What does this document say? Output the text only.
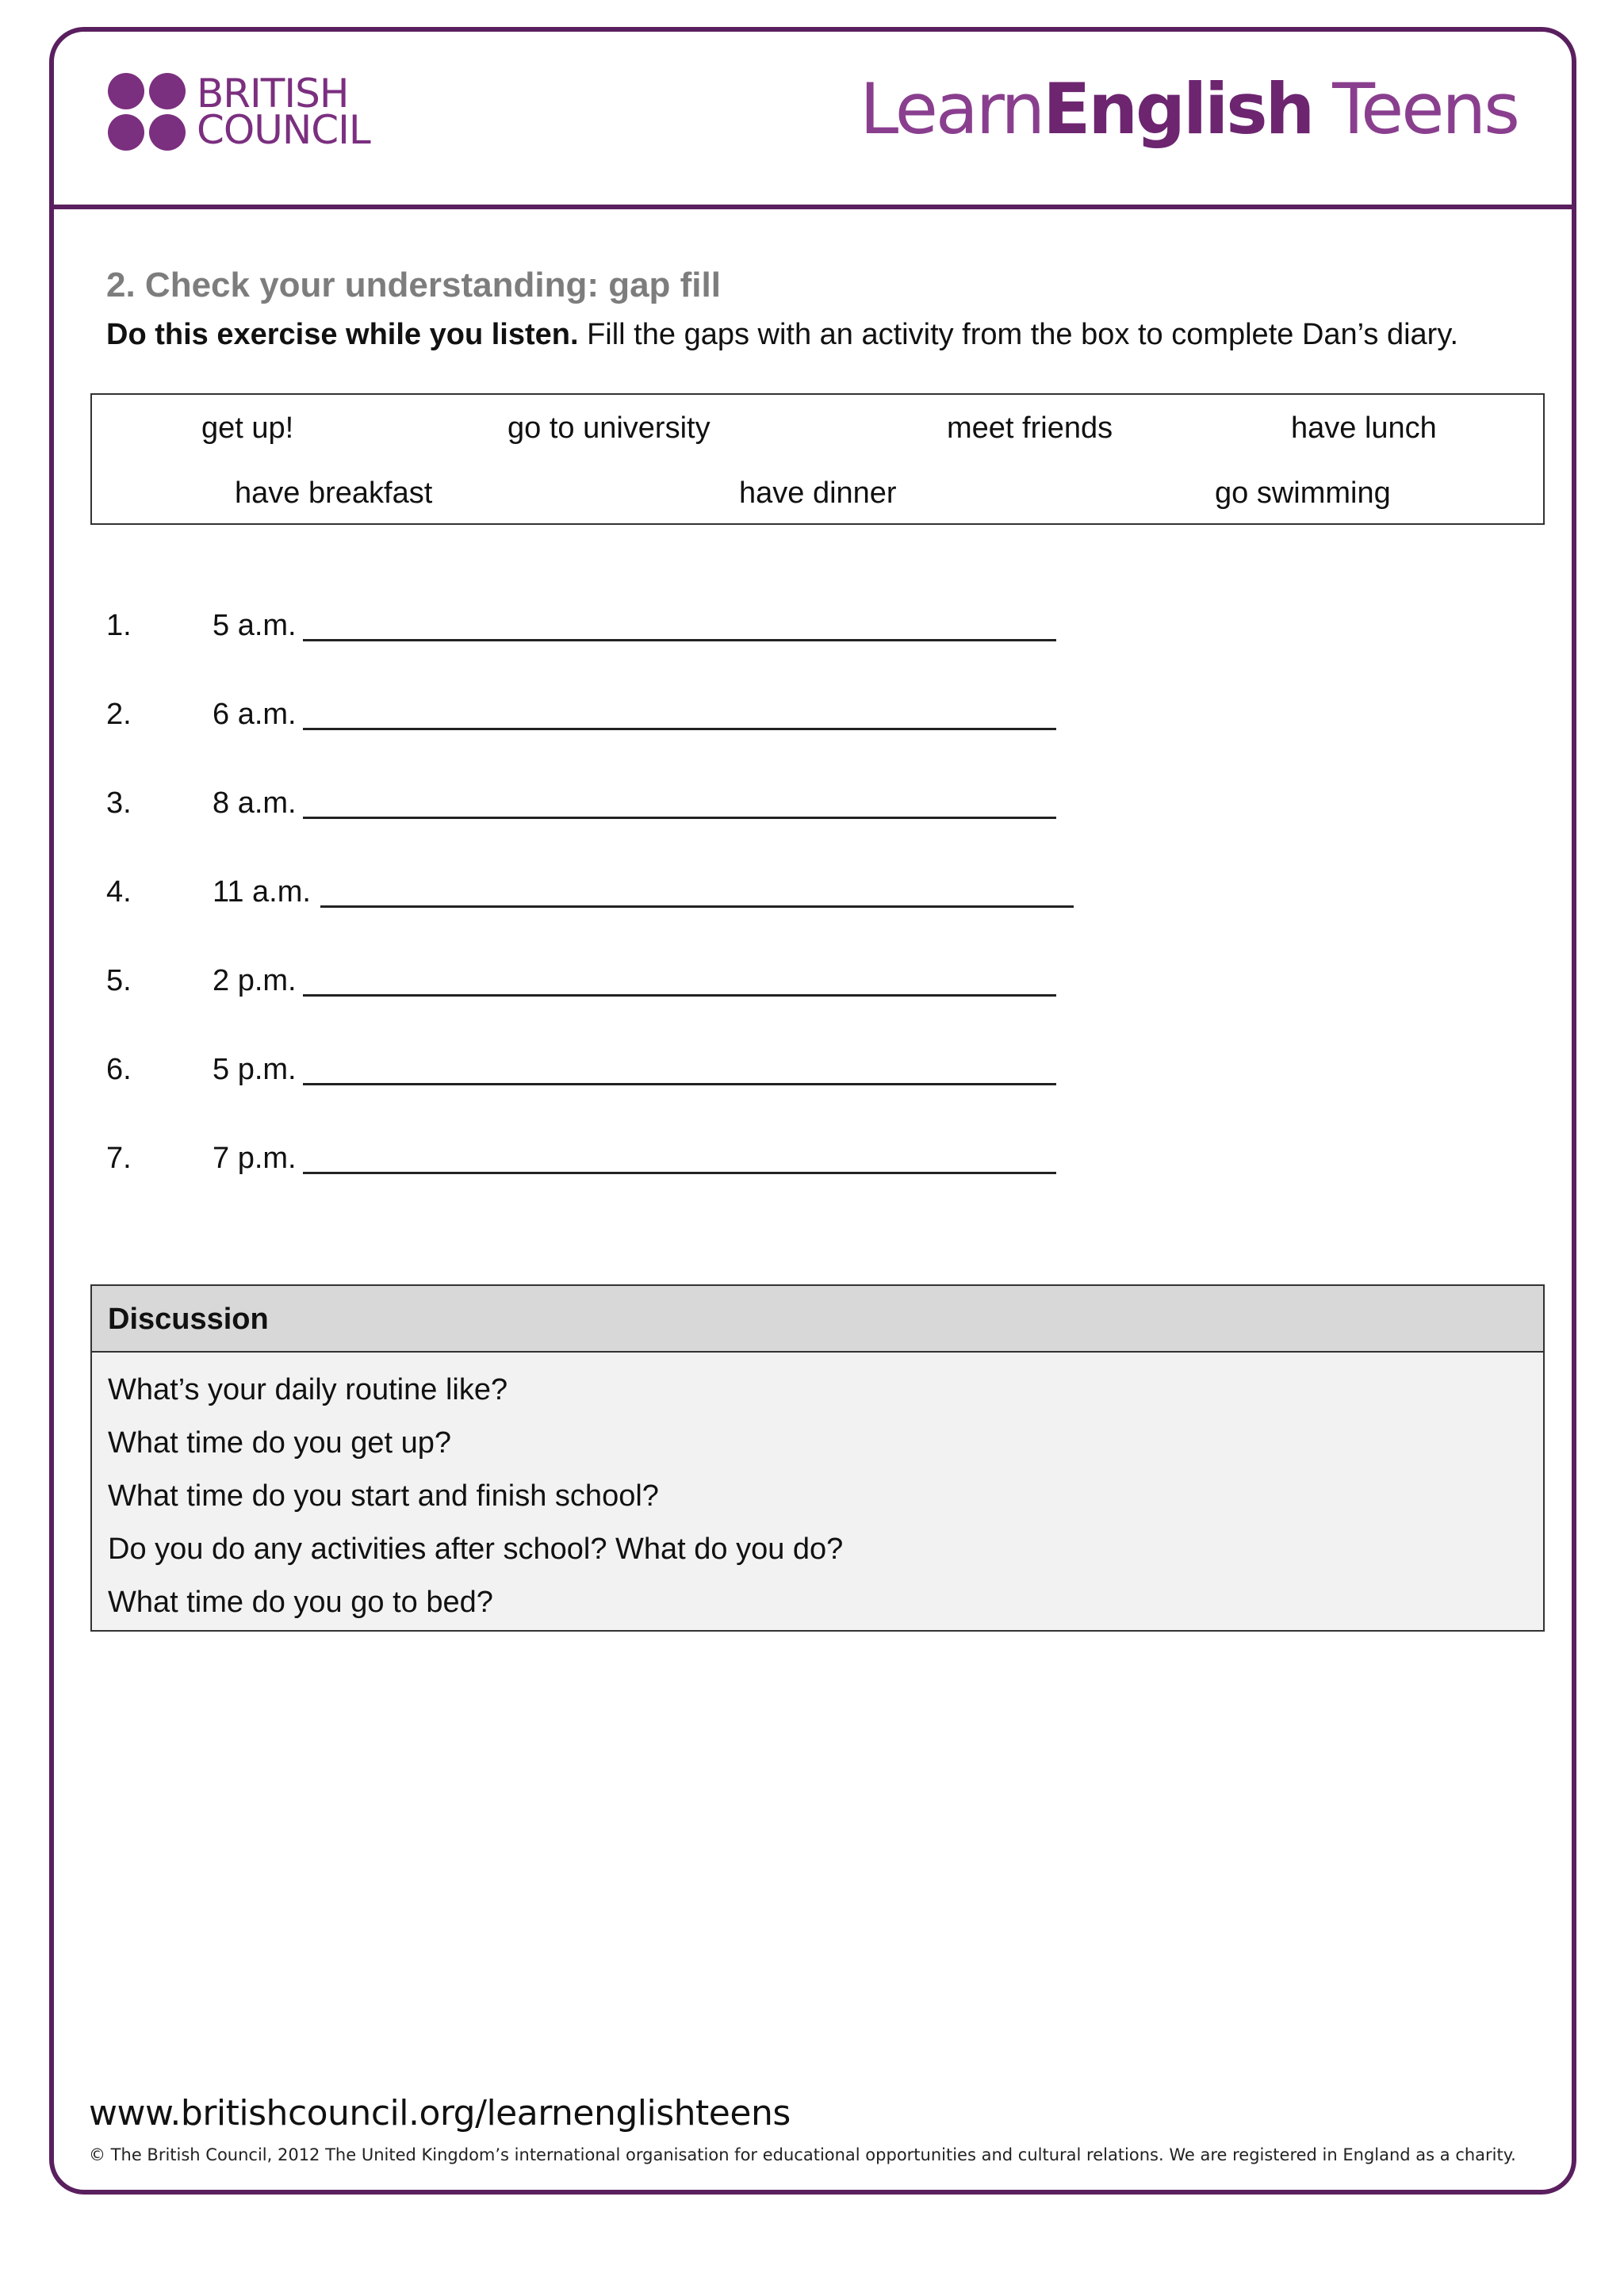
BRITISH
COUNCIL	LearnEnglish Teens
2. Check your understanding: gap fill
Do this exercise while you listen. Fill the gaps with an activity from the box to complete Dan’s diary.
get up!	go to university	meet friends	have lunch
have breakfast	have dinner	go swimming
1.	5 a.m.
2.	6 a.m.
3.	8 a.m.
4.	11 a.m.
5.	2 p.m.
6.	5 p.m.
7.	7 p.m.
Discussion
What’s your daily routine like?
What time do you get up?
What time do you start and finish school?
Do you do any activities after school? What do you do?
What time do you go to bed?
www.britishcouncil.org/learnenglishteens
© The British Council, 2012 The United Kingdom’s international organisation for educational opportunities and cultural relations. We are registered in England as a charity.
